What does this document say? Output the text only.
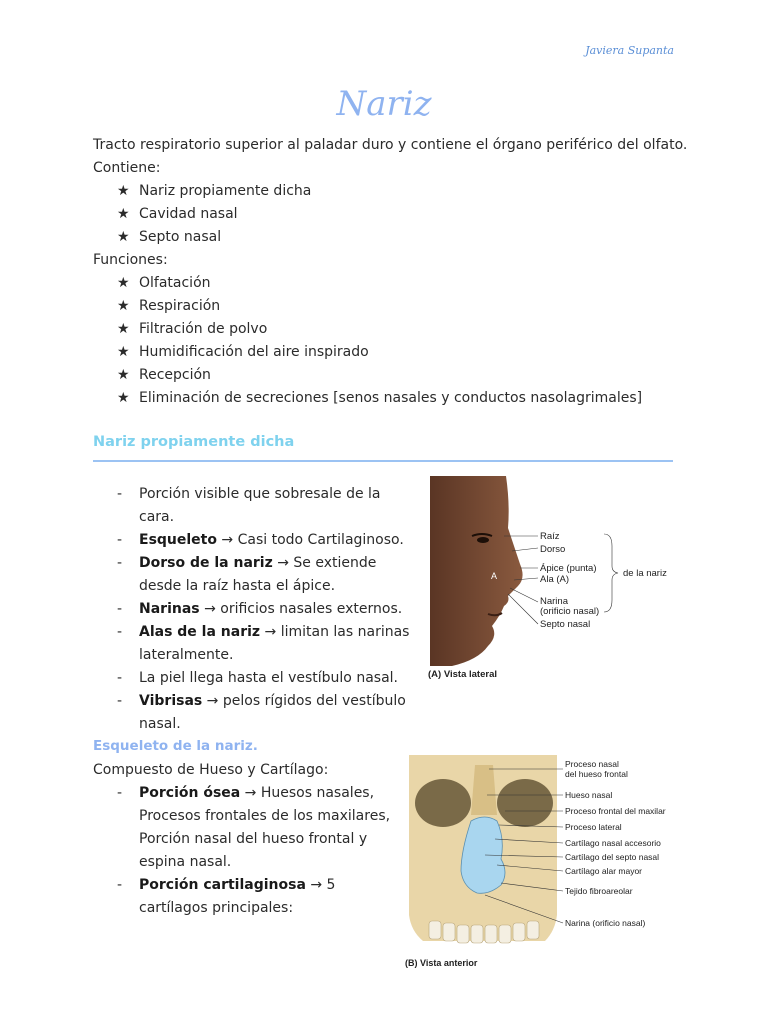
Javiera Supanta
Nariz

Tracto respiratorio superior al paladar duro y contiene el órgano periférico del olfato.

Contiene:

★ Nariz propiamente dicha
★ Cavidad nasal
★ Septo nasal

Funciones:

★ Olfatación
★ Respiración
★ Filtración de polvo
★ Humidificación del aire inspirado
★ Recepción
★ Eliminación de secreciones [senos nasales y conductos nasolagrimales]
Nariz propiamente dicha
- Porción visible que sobresale de la cara.
- Esqueleto → Casi todo Cartilaginoso.
- Dorso de la nariz → Se extiende desde la raíz hasta el ápice.
- Narinas → orificios nasales externos.
- Alas de la nariz → limitan las narinas lateralmente.
- La piel llega hasta el vestíbulo nasal.
- Vibrisas → pelos rígidos del vestíbulo nasal.
A
Raíz
Dorso
Ápice (punta)
Ala (A)
Narina
(orificio nasal)
Septo nasal
de la nariz
(A) Vista lateral
Esqueleto de la nariz.

Compuesto de Hueso y Cartílago:

- Porción ósea → Huesos nasales, Procesos frontales de los maxilares, Porción nasal del hueso frontal y espina nasal.
- Porción cartilaginosa → 5 cartílagos principales:
Proceso nasal
del hueso frontal
Hueso nasal
Proceso frontal del maxilar
Proceso lateral
Cartílago nasal accesorio
Cartílago del septo nasal
Cartílago alar mayor
Tejido fibroareolar
Narina (orificio nasal)
(B) Vista anterior
